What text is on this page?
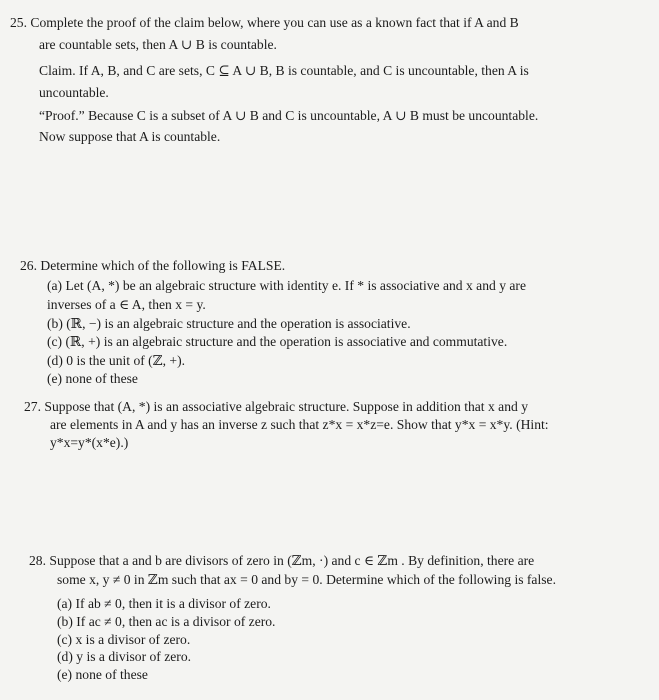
25. Complete the proof of the claim below, where you can use as a known fact that if A and B
are countable sets, then A ∪ B is countable.
Claim. If A, B, and C are sets, C ⊆ A ∪ B, B is countable, and C is uncountable, then A is
uncountable.
“Proof.” Because C is a subset of A ∪ B and C is uncountable, A ∪ B must be uncountable.
Now suppose that A is countable.
26. Determine which of the following is FALSE.
(a) Let (A, *) be an algebraic structure with identity e. If * is associative and x and y are
inverses of a ∈ A, then x = y.
(b) (ℝ, −) is an algebraic structure and the operation is associative.
(c) (ℝ, +) is an algebraic structure and the operation is associative and commutative.
(d) 0 is the unit of (ℤ, +).
(e) none of these
27. Suppose that (A, *) is an associative algebraic structure. Suppose in addition that x and y
are elements in A and y has an inverse z such that z*x = x*z=e. Show that y*x = x*y. (Hint:
y*x=y*(x*e).)
28. Suppose that a and b are divisors of zero in (ℤm, ·) and c ∈ ℤm . By definition, there are
some x, y ≠ 0 in ℤm such that ax = 0 and by = 0. Determine which of the following is false.
(a) If ab ≠ 0, then it is a divisor of zero.
(b) If ac ≠ 0, then ac is a divisor of zero.
(c) x is a divisor of zero.
(d) y is a divisor of zero.
(e) none of these
